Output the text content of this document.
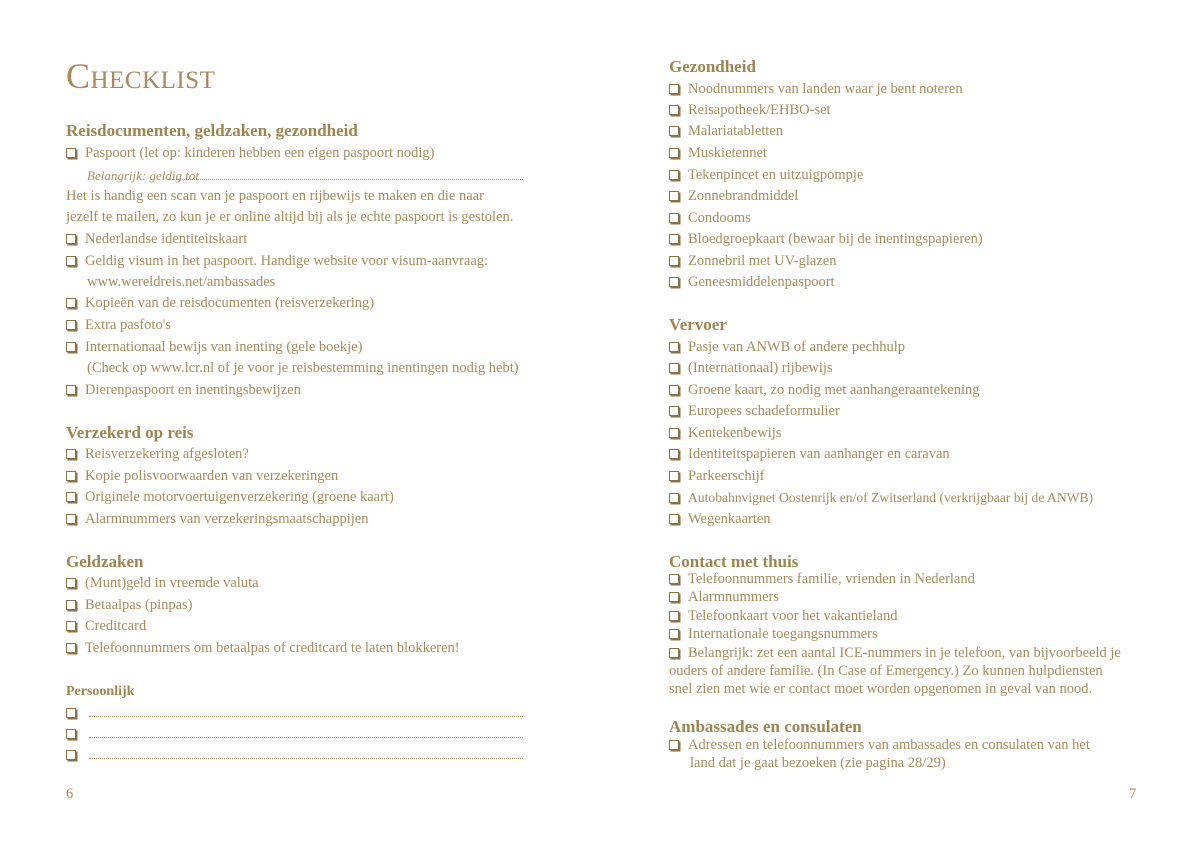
Checklist
Reisdocumenten, geldzaken, gezondheid
Paspoort (let op: kinderen hebben een eigen paspoort nodig)
Belangrijk: geldig tot
Het is handig een scan van je paspoort en rijbewijs te maken en die naar
jezelf te mailen, zo kun je er online altijd bij als je echte paspoort is gestolen.
Nederlandse identiteitskaart
Geldig visum in het paspoort. Handige website voor visum-aanvraag:
www.wereldreis.net/ambassades
Kopieën van de reisdocumenten (reisverzekering)
Extra pasfoto's
Internationaal bewijs van inenting (gele boekje)
(Check op www.lcr.nl of je voor je reisbestemming inentingen nodig hebt)
Dierenpaspoort en inentingsbewijzen
Verzekerd op reis
Reisverzekering afgesloten?
Kopie polisvoorwaarden van verzekeringen
Originele motorvoertuigenverzekering (groene kaart)
Alarmnummers van verzekeringsmaatschappijen
Geldzaken
(Munt)geld in vreemde valuta
Betaalpas (pinpas)
Creditcard
Telefoonnummers om betaalpas of creditcard te laten blokkeren!
Persoonlijk
6
Gezondheid
Noodnummers van landen waar je bent noteren
Reisapotheek/EHBO-set
Malariatabletten
Muskietennet
Tekenpincet en uitzuigpompje
Zonnebrandmiddel
Condooms
Bloedgroepkaart (bewaar bij de inentingspapieren)
Zonnebril met UV-glazen
Geneesmiddelenpaspoort
Vervoer
Pasje van ANWB of andere pechhulp
(Internationaal) rijbewijs
Groene kaart, zo nodig met aanhangeraantekening
Europees schadeformulier
Kentekenbewijs
Identiteitspapieren van aanhanger en caravan
Parkeerschijf
Autobahnvignet Oostenrijk en/of Zwitserland (verkrijgbaar bij de ANWB)
Wegenkaarten
Contact met thuis
Telefoonnummers familie, vrienden in Nederland
Alarmnummers
Telefoonkaart voor het vakantieland
Internationale toegangsnummers
Belangrijk: zet een aantal ICE-nummers in je telefoon, van bijvoorbeeld je
ouders of andere familie. (In Case of Emergency.) Zo kunnen hulpdiensten
snel zien met wie er contact moet worden opgenomen in geval van nood.
Ambassades en consulaten
Adressen en telefoonnummers van ambassades en consulaten van het
land dat je gaat bezoeken (zie pagina 28/29)
7
